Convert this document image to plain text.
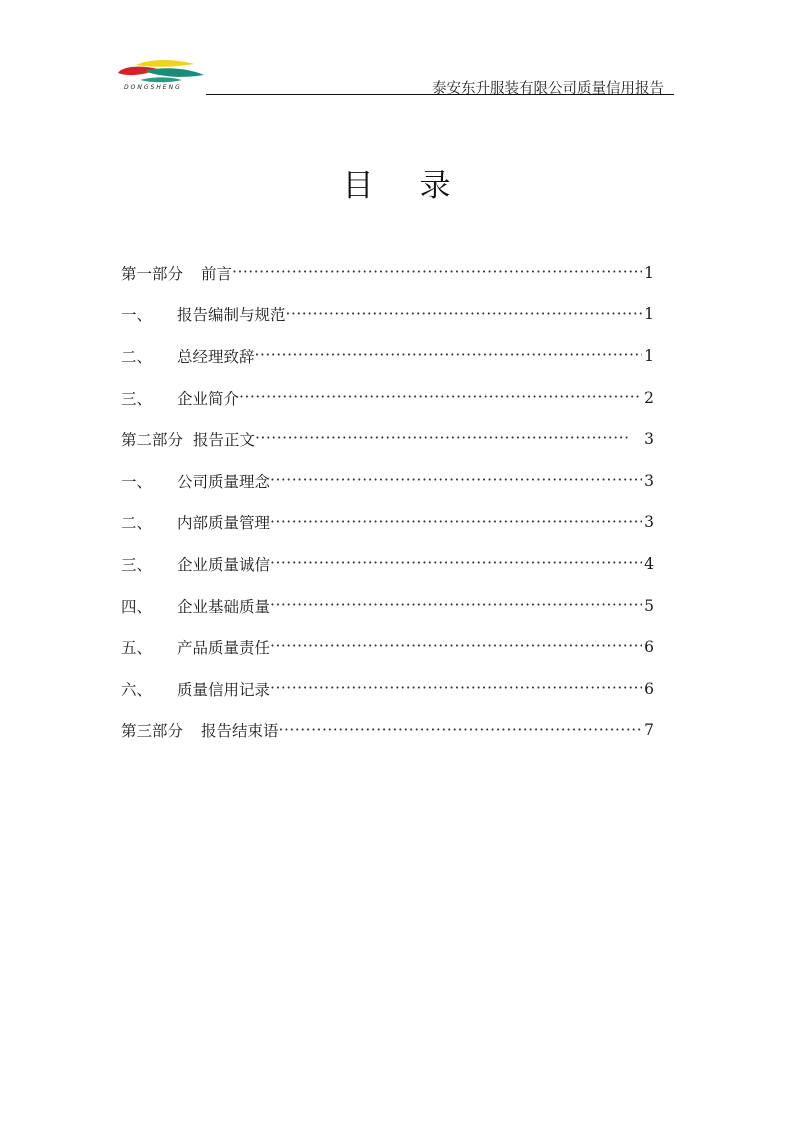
DONGSHENG	泰安东升服装有限公司质量信用报告
目录
第一部分	前言 ·····	1
一、	报告编制与规范 ·····	1
二、	总经理致辞 ·····	1
三、	企业简介 ·····	2
第二部分 报告正文 ·····	3
一、	公司质量理念 ·····	3
二、	内部质量管理 ·····	3
三、	企业质量诚信 ·····	4
四、	企业基础质量 ·····	5
五、	产品质量责任 ·····	6
六、	质量信用记录 ·····	6
第三部分	报告结束语 ·····	7
